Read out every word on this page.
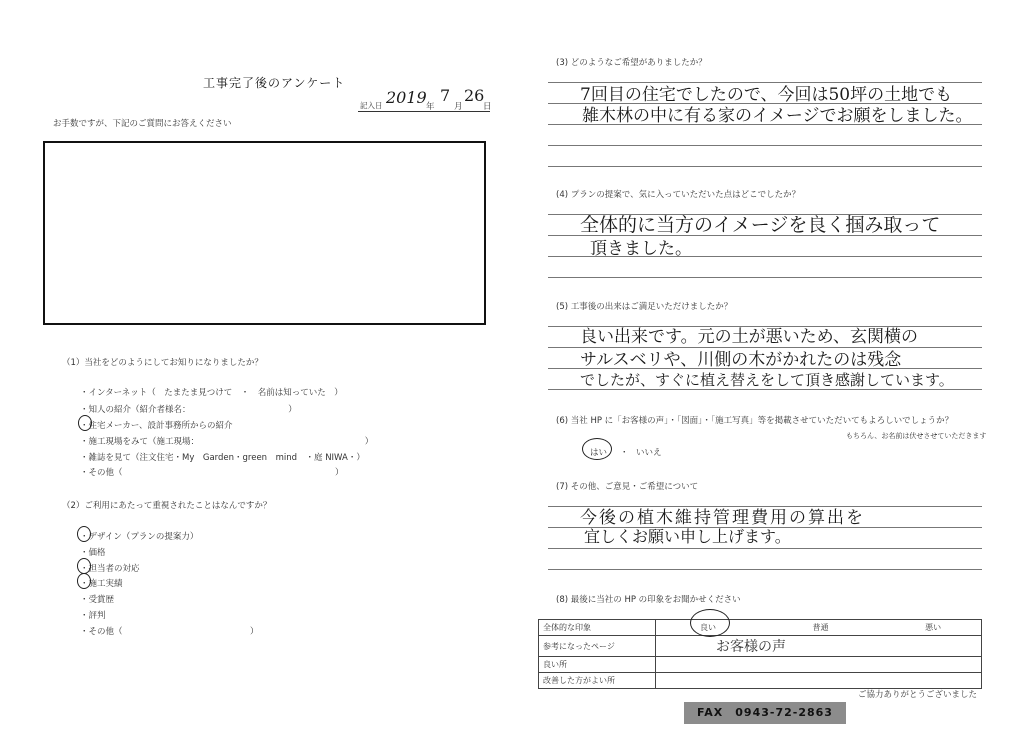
工事完了後のアンケート
記入日 2019 年
7
月
26
日
お手数ですが、下記のご質問にお答えください
（1）当社をどのようにしてお知りになりましたか？
・インターネット（　たまたま見つけて　・　名前は知っていた　）
・知人の紹介（紹介者様名：　　　　　　　　　　　　）
・住宅メーカー、設計事務所からの紹介
・施工現場をみて（施工現場：　　　　　　　　　　　　　　　　　　　　）
・雑誌を見て（注文住宅・My　Garden・green　mind　・庭 NIWA・）
・その他（　　　　　　　　　　　　　　　　　　　　　　　　　）
（2）ご利用にあたって重視されたことはなんですか？
・デザイン（プランの提案力）
・価格
・担当者の対応
・施工実績
・受賞歴
・評判
・その他（　　　　　　　　　　　　　　　）
(3) どのようなご希望がありましたか？
7回目の住宅でしたので、今回は50坪の土地でも
雑木林の中に有る家のイメージでお願をしました。
(4) プランの提案で、気に入っていただいた点はどこでしたか？
全体的に当方のイメージを良く掴み取って
頂きました。
(5) 工事後の出来はご満足いただけましたか？
良い出来です。元の土が悪いため、玄関横の
サルスベリや、川側の木がかれたのは残念
でしたが、すぐに植え替えをして頂き感謝しています。
(6) 当社 HP に「お客様の声」・「図面」・「施工写真」等を掲載させていただいてもよろしいでしょうか？
もちろん、お名前は伏せさせていただきます
はい ・ いいえ
(7) その他、ご意見・ご希望について
今後の植木維持管理費用の算出を
宜しくお願い申し上げます。
(8) 最後に当社の HP の印象をお聞かせください
全体的な印象	良い 普通 悪い
参考になったページ	お客様の声
良い所	
改善した方がよい所	
ご協力ありがとうございました
FAX　0943-72-2863
